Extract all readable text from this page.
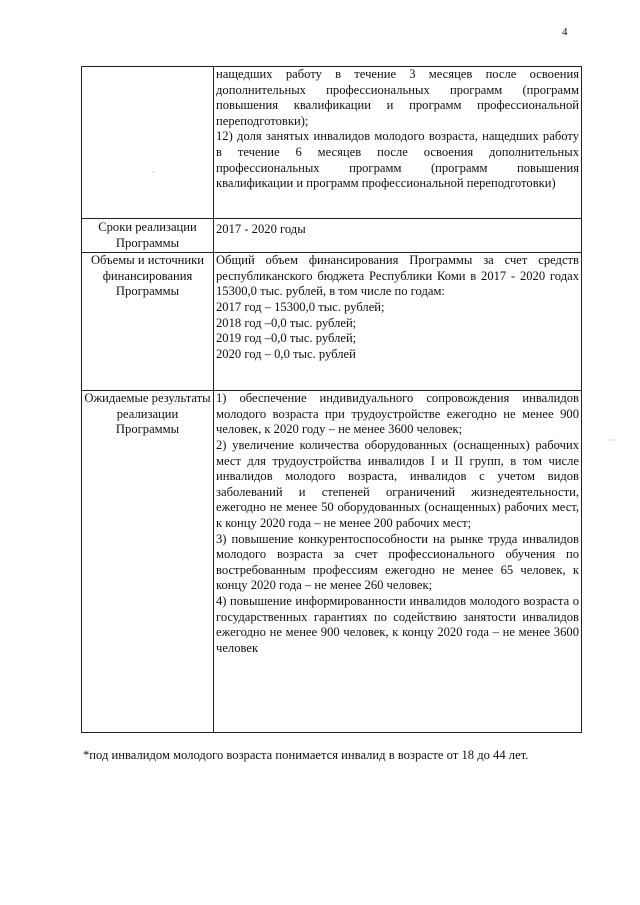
4

	нащедших работу в течение 3 месяцев после освоения дополнительных профессиональных программ (программ повышения квалификации и программ профессиональной переподготовки);
12) доля занятых инвалидов молодого возраста, нащедших работу в течение 6 месяцев после освоения дополнительных профессиональных программ (программ повышения квалификации и программ профессиональной переподготовки)

Сроки реализации Программы	2017 - 2020 годы
Объемы и источники финансирования Программы	Общий объем финансирования Программы за счет средств республиканского бюджета Республики Коми в 2017 - 2020 годах 15300,0 тыс. рублей, в том числе по годам:
2017 год – 15300,0 тыс. рублей;
2018 год –0,0 тыс. рублей;
2019 год –0,0 тыс. рублей;
2020 год – 0,0 тыс. рублей

Ожидаемые результаты реализации Программы	1) обеспечение индивидуального сопровождения инвалидов молодого возраста при трудоустройстве ежегодно не менее 900 человек, к 2020 году – не менее 3600 человек;
2) увеличение количества оборудованных (оснащенных) рабочих мест для трудоустройства инвалидов I и II групп, в том числе инвалидов молодого возраста, инвалидов с учетом видов заболеваний и степеней ограничений жизнедеятельности, ежегодно не менее 50 оборудованных (оснащенных) рабочих мест, к концу 2020 года – не менее 200 рабочих мест;
3) повышение конкурентоспособности на рынке труда инвалидов молодого возраста за счет профессионального обучения по востребованным профессиям ежегодно не менее 65 человек, к концу 2020 года – не менее 260 человек;
4) повышение информированности инвалидов молодого возраста о государственных гарантиях по содействию занятости инвалидов ежегодно не менее 900 человек, к концу 2020 года – не менее 3600 человек
*под инвалидом молодого возраста понимается инвалид в возрасте от 18 до 44 лет.
·
· ·
